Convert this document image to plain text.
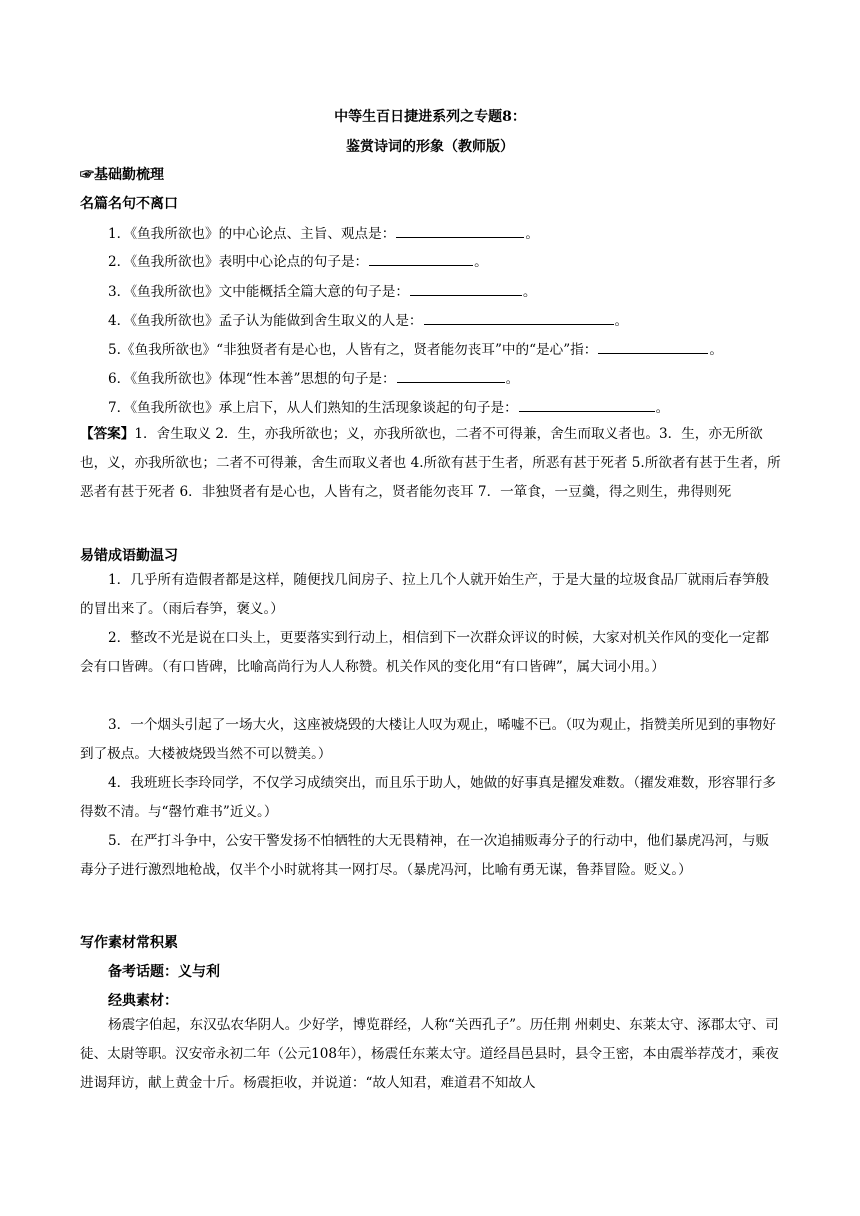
中等生百日捷进系列之专题8：
鉴赏诗词的形象（教师版）
☞基础勤梳理
名篇名句不离口
1．《鱼我所欲也》的中心论点、主旨、观点是：	。
2．《鱼我所欲也》表明中心论点的句子是：	。
3．《鱼我所欲也》文中能概括全篇大意的句子是：	。
4．《鱼我所欲也》孟子认为能做到舍生取义的人是：	。
5.《鱼我所欲也》“非独贤者有是心也，人皆有之，贤者能勿丧耳”中的“是心”指：	。
6．《鱼我所欲也》体现“性本善”思想的句子是：	。
7．《鱼我所欲也》承上启下，从人们熟知的生活现象谈起的句子是：	。
【答案】1．舍生取义 2．生，亦我所欲也；义，亦我所欲也，二者不可得兼，舍生而取义者也。3．生，亦无所欲也，义，亦我所欲也；二者不可得兼，舍生而取义者也 4.所欲有甚于生者，所恶有甚于死者 5.所欲者有甚于生者，所恶者有甚于死者 6．非独贤者有是心也，人皆有之，贤者能勿丧耳 7．一箪食，一豆羹，得之则生，弗得则死
易错成语勤温习
1．几乎所有造假者都是这样，随便找几间房子、拉上几个人就开始生产，于是大量的垃圾食品厂就雨后春笋般的冒出来了。（雨后春笋，褒义。）
2．整改不光是说在口头上，更要落实到行动上，相信到下一次群众评议的时候，大家对机关作风的变化一定都会有口皆碑。（有口皆碑，比喻高尚行为人人称赞。机关作风的变化用“有口皆碑”，属大词小用。）
3．一个烟头引起了一场大火，这座被烧毁的大楼让人叹为观止，唏嘘不已。（叹为观止，指赞美所见到的事物好到了极点。大楼被烧毁当然不可以赞美。）
4．我班班长李玲同学，不仅学习成绩突出，而且乐于助人，她做的好事真是擢发难数。（擢发难数，形容罪行多得数不清。与“罄竹难书”近义。）
5．在严打斗争中，公安干警发扬不怕牺牲的大无畏精神，在一次追捕贩毒分子的行动中，他们暴虎冯河，与贩毒分子进行激烈地枪战，仅半个小时就将其一网打尽。（暴虎冯河，比喻有勇无谋，鲁莽冒险。贬义。）
写作素材常积累
备考话题：义与利
经典素材：
杨震字伯起，东汉弘农华阴人。少好学，博览群经，人称“关西孔子”。历任荆 州刺史、东莱太守、涿郡太守、司徒、太尉等职。汉安帝永初二年（公元108年），杨震任东莱太守。道经昌邑县时，县令王密，本由震举荐茂才，乘夜进谒拜访，献上黄金十斤。杨震拒收，并说道：“故人知君，难道君不知故人
